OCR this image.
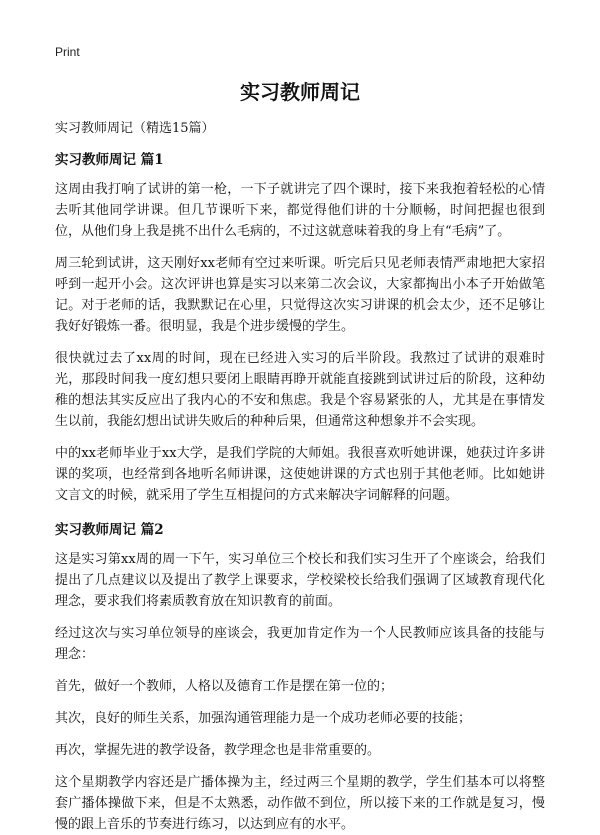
Print
实习教师周记
实习教师周记（精选15篇）
实习教师周记 篇1

这周由我打响了试讲的第一枪，一下子就讲完了四个课时，接下来我抱着轻松的心情去听其他同学讲课。但几节课听下来，都觉得他们讲的十分顺畅，时间把握也很到位，从他们身上我是挑不出什么毛病的，不过这就意味着我的身上有“毛病”了。

周三轮到试讲，这天刚好xx老师有空过来听课。听完后只见老师表情严肃地把大家招呼到一起开小会。这次评讲也算是实习以来第二次会议，大家都掏出小本子开始做笔记。对于老师的话，我默默记在心里，只觉得这次实习讲课的机会太少，还不足够让我好好锻炼一番。很明显，我是个进步缓慢的学生。

很快就过去了xx周的时间，现在已经进入实习的后半阶段。我熬过了试讲的艰难时光，那段时间我一度幻想只要闭上眼睛再睁开就能直接跳到试讲过后的阶段，这种幼稚的想法其实反应出了我内心的不安和焦虑。我是个容易紧张的人，尤其是在事情发生以前，我能幻想出试讲失败后的种种后果，但通常这种想象并不会实现。

中的xx老师毕业于xx大学，是我们学院的大师姐。我很喜欢听她讲课，她获过许多讲课的奖项，也经常到各地听名师讲课，这使她讲课的方式也别于其他老师。比如她讲文言文的时候，就采用了学生互相提问的方式来解决字词解释的问题。

实习教师周记 篇2

这是实习第xx周的周一下午，实习单位三个校长和我们实习生开了个座谈会，给我们提出了几点建议以及提出了教学上课要求，学校梁校长给我们强调了区域教育现代化理念，要求我们将素质教育放在知识教育的前面。

经过这次与实习单位领导的座谈会，我更加肯定作为一个人民教师应该具备的技能与理念：

首先，做好一个教师，人格以及德育工作是摆在第一位的；

其次，良好的师生关系，加强沟通管理能力是一个成功老师必要的技能；

再次，掌握先进的教学设备，教学理念也是非常重要的。

这个星期教学内容还是广播体操为主，经过两三个星期的教学，学生们基本可以将整套广播体操做下来，但是不太熟悉，动作做不到位，所以接下来的工作就是复习，慢慢的跟上音乐的节奏进行练习，以达到应有的水平。
